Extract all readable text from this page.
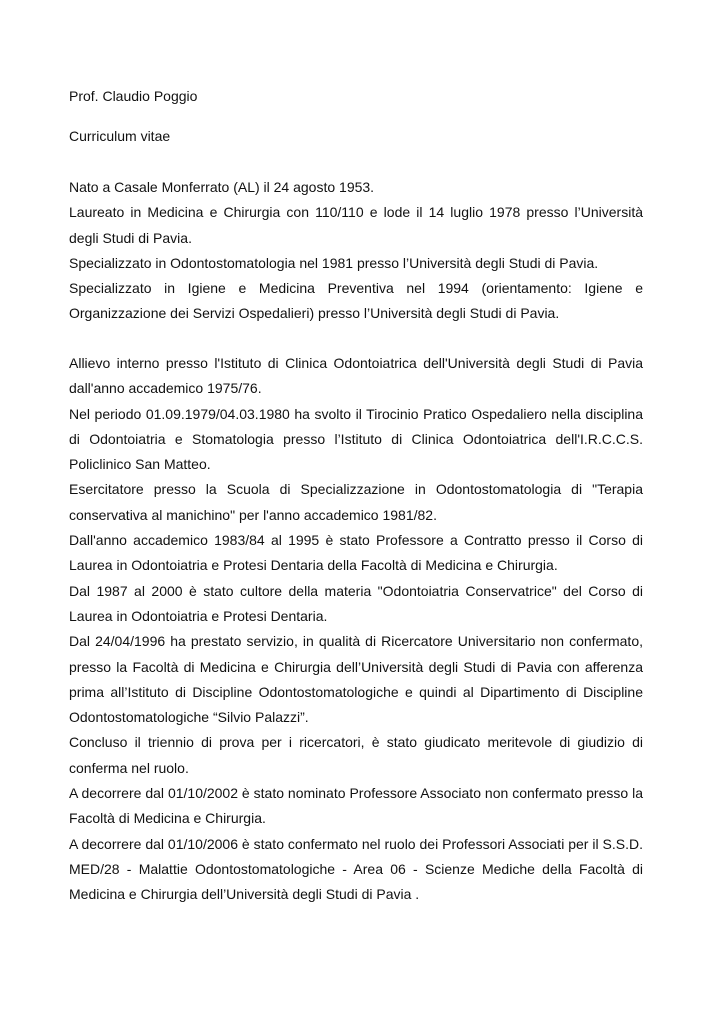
Prof. Claudio Poggio
Curriculum vitae

Nato a Casale Monferrato (AL) il 24 agosto 1953.

Laureato in Medicina e Chirurgia con 110/110 e lode il 14 luglio 1978 presso l’Università degli Studi di Pavia.

Specializzato in Odontostomatologia nel 1981 presso l’Università degli Studi di Pavia.

Specializzato in Igiene e Medicina Preventiva nel 1994 (orientamento: Igiene e Organizzazione dei Servizi Ospedalieri) presso l’Università degli Studi di Pavia.

Allievo interno presso l'Istituto di Clinica Odontoiatrica dell'Università degli Studi di Pavia dall'anno accademico 1975/76.

Nel periodo 01.09.1979/04.03.1980 ha svolto il Tirocinio Pratico Ospedaliero nella disciplina di Odontoiatria e Stomatologia presso l’Istituto di Clinica Odontoiatrica dell'I.R.C.C.S. Policlinico San Matteo.

Esercitatore presso la Scuola di Specializzazione in Odontostomatologia di "Terapia conservativa al manichino" per l'anno accademico 1981/82.

Dall'anno accademico 1983/84 al 1995 è stato Professore a Contratto presso il Corso di Laurea in Odontoiatria e Protesi Dentaria della Facoltà di Medicina e Chirurgia.

Dal 1987 al 2000 è stato cultore della materia "Odontoiatria Conservatrice" del Corso di Laurea in Odontoiatria e Protesi Dentaria.

Dal 24/04/1996 ha prestato servizio, in qualità di Ricercatore Universitario non confermato, presso la Facoltà di Medicina e Chirurgia dell’Università degli Studi di Pavia con afferenza prima all’Istituto di Discipline Odontostomatologiche e quindi al Dipartimento di Discipline Odontostomatologiche “Silvio Palazzi”.

Concluso il triennio di prova per i ricercatori, è stato giudicato meritevole di giudizio di conferma nel ruolo.

A decorrere dal 01/10/2002 è stato nominato Professore Associato non confermato presso la Facoltà di Medicina e Chirurgia.

A decorrere dal 01/10/2006 è stato confermato nel ruolo dei Professori Associati per il S.S.D. MED/28 - Malattie Odontostomatologiche - Area 06 - Scienze Mediche della Facoltà di Medicina e Chirurgia dell’Università degli Studi di Pavia .
